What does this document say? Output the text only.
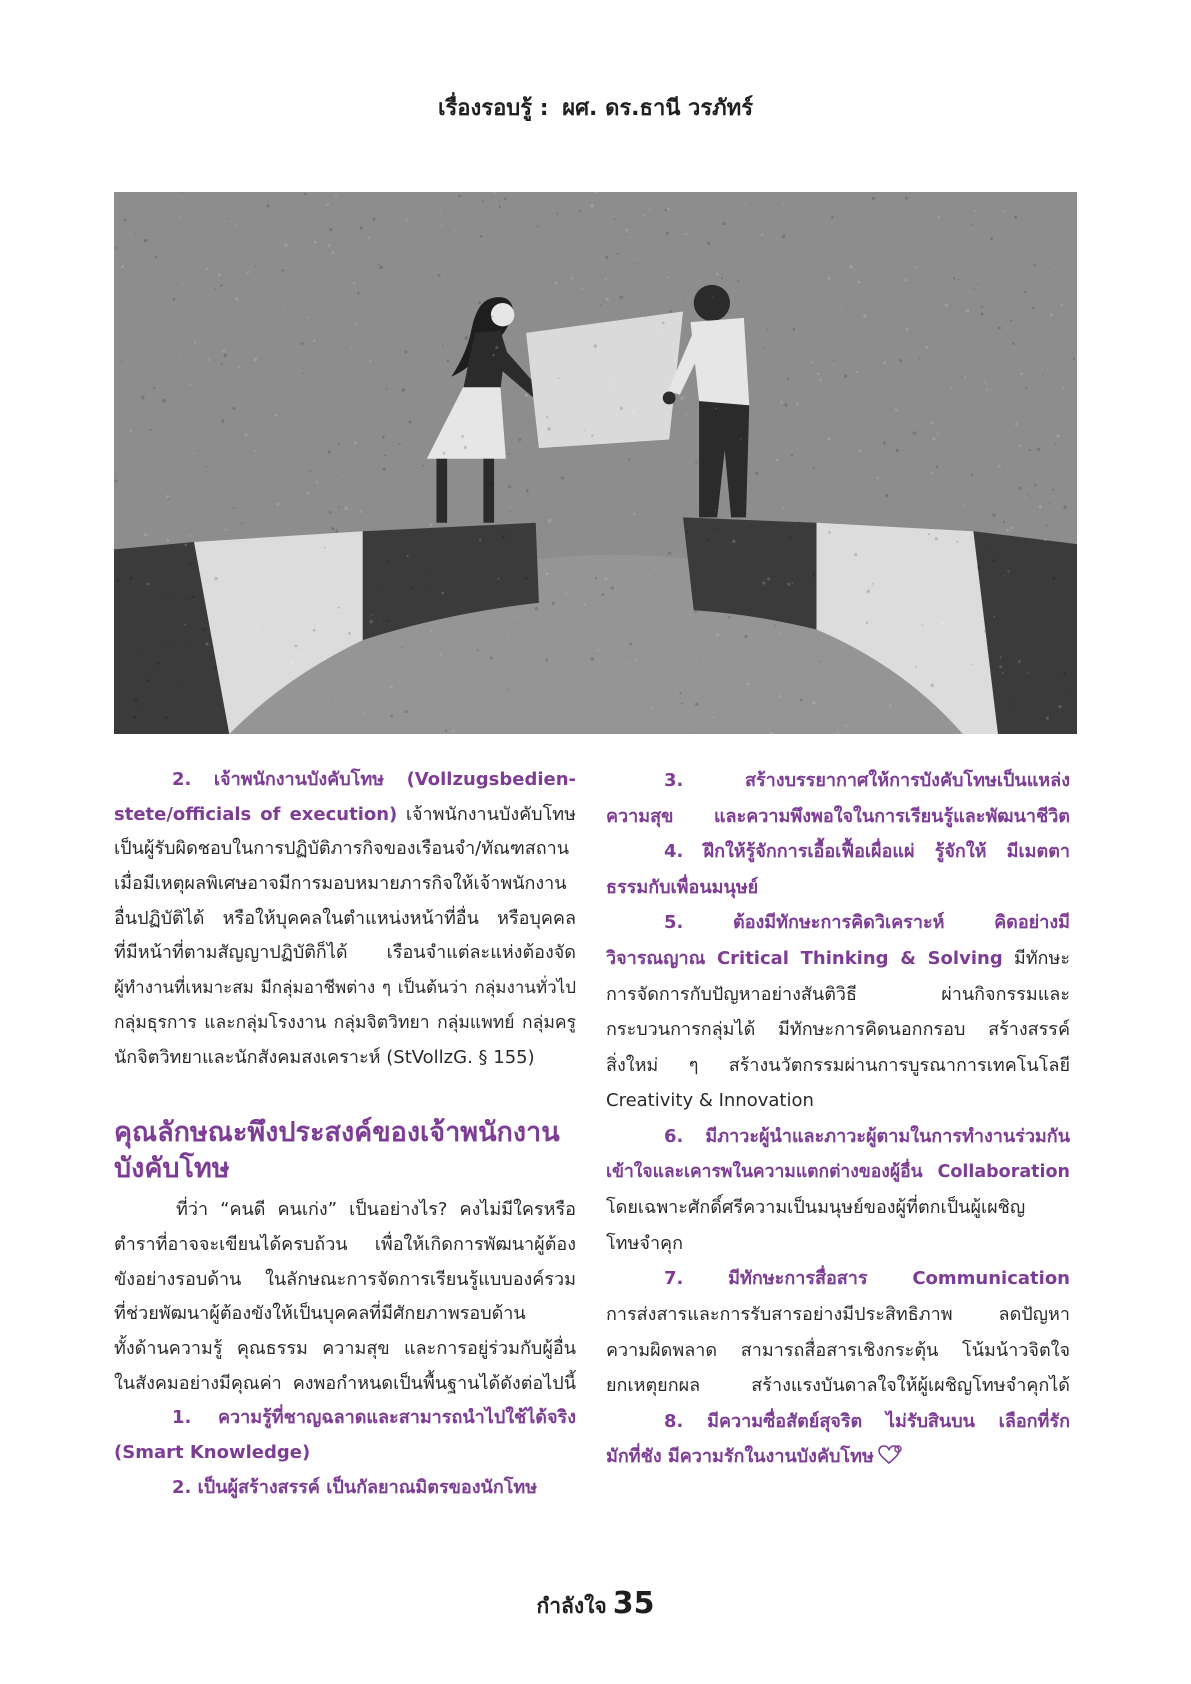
เรื่องรอบรู้ : ผศ. ดร.ธานี วรภัทร์
2. เจ้าพนักงานบังคับโทษ (Vollzugsbedien-
stete/officials of execution) เจ้าพนักงานบังคับโทษ
เป็นผู้รับผิดชอบในการปฏิบัติภารกิจของเรือนจำ/ทัณฑสถาน
เมื่อมีเหตุผลพิเศษอาจมีการมอบหมายภารกิจให้เจ้าพนักงาน
อื่นปฏิบัติได้ หรือให้บุคคลในตำแหน่งหน้าที่อื่น หรือบุคคล
ที่มีหน้าที่ตามสัญญาปฏิบัติก็ได้ เรือนจำแต่ละแห่งต้องจัด
ผู้ทำงานที่เหมาะสม มีกลุ่มอาชีพต่าง ๆ เป็นต้นว่า กลุ่มงานทั่วไป
กลุ่มธุรการ และกลุ่มโรงงาน กลุ่มจิตวิทยา กลุ่มแพทย์ กลุ่มครู
นักจิตวิทยาและนักสังคมสงเคราะห์ (StVollzG. § 155)
คุณลักษณะพึงประสงค์ของเจ้าพนักงาน
บังคับโทษ
ที่ว่า “คนดี คนเก่ง” เป็นอย่างไร? คงไม่มีใครหรือ
ตำราที่อาจจะเขียนได้ครบถ้วน เพื่อให้เกิดการพัฒนาผู้ต้อง
ขังอย่างรอบด้าน ในลักษณะการจัดการเรียนรู้แบบองค์รวม
ที่ช่วยพัฒนาผู้ต้องขังให้เป็นบุคคลที่มีศักยภาพรอบด้าน
ทั้งด้านความรู้ คุณธรรม ความสุข และการอยู่ร่วมกับผู้อื่น
ในสังคมอย่างมีคุณค่า คงพอกำหนดเป็นพื้นฐานได้ดังต่อไปนี้
1. ความรู้ที่ชาญฉลาดและสามารถนำไปใช้ได้จริง
(Smart Knowledge)
2. เป็นผู้สร้างสรรค์ เป็นกัลยาณมิตรของนักโทษ
3. สร้างบรรยากาศให้การบังคับโทษเป็นแหล่ง
ความสุข และความพึงพอใจในการเรียนรู้และพัฒนาชีวิต
4. ฝึกให้รู้จักการเอื้อเฟื้อเผื่อแผ่ รู้จักให้ มีเมตตา
ธรรมกับเพื่อนมนุษย์
5. ต้องมีทักษะการคิดวิเคราะห์ คิดอย่างมี
วิจารณญาณ Critical Thinking & Solving มีทักษะ
การจัดการกับปัญหาอย่างสันติวิธี ผ่านกิจกรรมและ
กระบวนการกลุ่มได้ มีทักษะการคิดนอกกรอบ สร้างสรรค์
สิ่งใหม่ ๆ สร้างนวัตกรรมผ่านการบูรณาการเทคโนโลยี
Creativity & Innovation
6. มีภาวะผู้นำและภาวะผู้ตามในการทำงานร่วมกัน
เข้าใจและเคารพในความแตกต่างของผู้อื่น Collaboration
โดยเฉพาะศักดิ์ศรีความเป็นมนุษย์ของผู้ที่ตกเป็นผู้เผชิญ
โทษจำคุก
7. มีทักษะการสื่อสาร Communication
การส่งสารและการรับสารอย่างมีประสิทธิภาพ ลดปัญหา
ความผิดพลาด สามารถสื่อสารเชิงกระตุ้น โน้มน้าวจิตใจ
ยกเหตุยกผล สร้างแรงบันดาลใจให้ผู้เผชิญโทษจำคุกได้
8. มีความซื่อสัตย์สุจริต ไม่รับสินบน เลือกที่รัก
มักที่ชัง มีความรักในงานบังคับโทษ
กำลังใจ 35
